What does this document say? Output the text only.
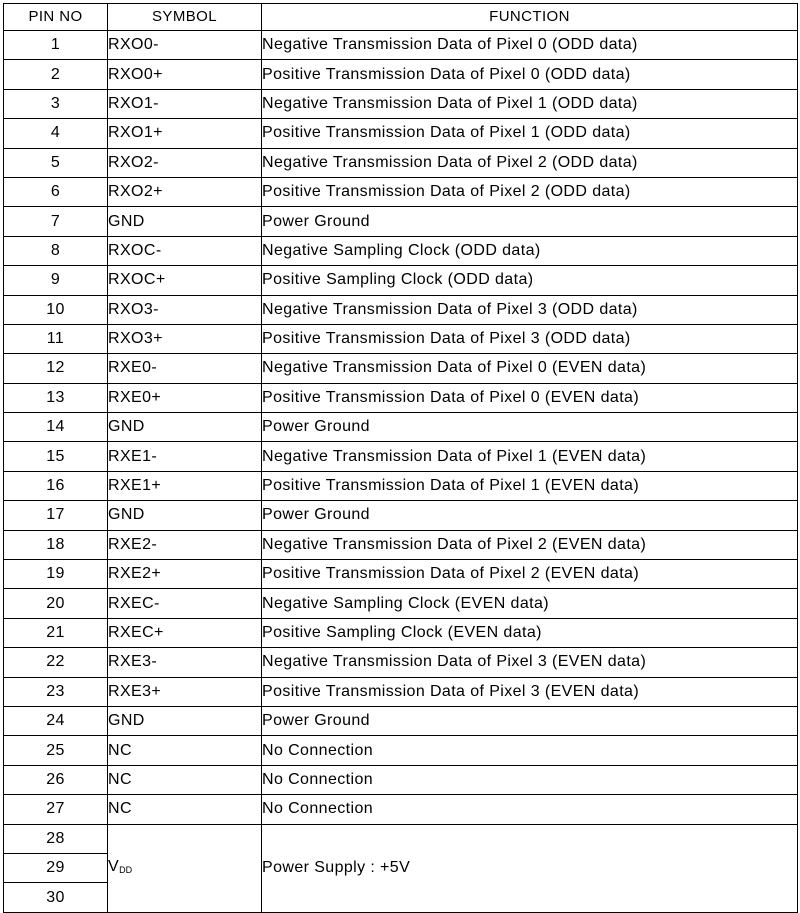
PIN NO	SYMBOL	FUNCTION
1	RXO0-	Negative Transmission Data of Pixel 0 (ODD data)
2	RXO0+	Positive Transmission Data of Pixel 0 (ODD data)
3	RXO1-	Negative Transmission Data of Pixel 1 (ODD data)
4	RXO1+	Positive Transmission Data of Pixel 1 (ODD data)
5	RXO2-	Negative Transmission Data of Pixel 2 (ODD data)
6	RXO2+	Positive Transmission Data of Pixel 2 (ODD data)
7	GND	Power Ground
8	RXOC-	Negative Sampling Clock (ODD data)
9	RXOC+	Positive Sampling Clock (ODD data)
10	RXO3-	Negative Transmission Data of Pixel 3 (ODD data)
11	RXO3+	Positive Transmission Data of Pixel 3 (ODD data)
12	RXE0-	Negative Transmission Data of Pixel 0 (EVEN data)
13	RXE0+	Positive Transmission Data of Pixel 0 (EVEN data)
14	GND	Power Ground
15	RXE1-	Negative Transmission Data of Pixel 1 (EVEN data)
16	RXE1+	Positive Transmission Data of Pixel 1 (EVEN data)
17	GND	Power Ground
18	RXE2-	Negative Transmission Data of Pixel 2 (EVEN data)
19	RXE2+	Positive Transmission Data of Pixel 2 (EVEN data)
20	RXEC-	Negative Sampling Clock (EVEN data)
21	RXEC+	Positive Sampling Clock (EVEN data)
22	RXE3-	Negative Transmission Data of Pixel 3 (EVEN data)
23	RXE3+	Positive Transmission Data of Pixel 3 (EVEN data)
24	GND	Power Ground
25	NC	No Connection
26	NC	No Connection
27	NC	No Connection
28	VDD	Power Supply : +5V
29		
30		
